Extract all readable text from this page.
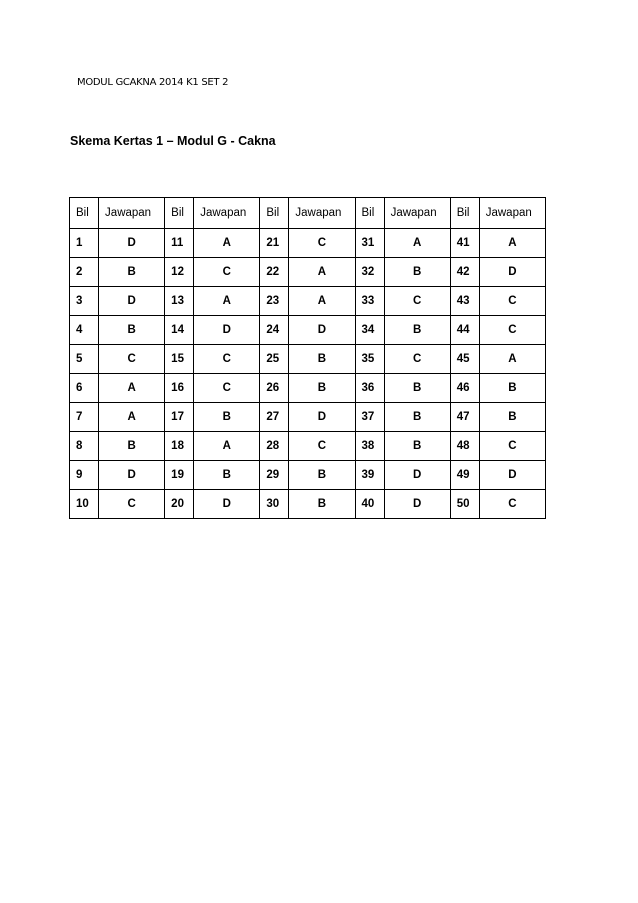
MODUL GCAKNA 2014 K1 SET 2
Skema Kertas 1 – Modul G - Cakna
Bil	Jawapan	Bil	Jawapan	Bil	Jawapan	Bil	Jawapan	Bil	Jawapan
1	D	11	A	21	C	31	A	41	A
2	B	12	C	22	A	32	B	42	D
3	D	13	A	23	A	33	C	43	C
4	B	14	D	24	D	34	B	44	C
5	C	15	C	25	B	35	C	45	A
6	A	16	C	26	B	36	B	46	B
7	A	17	B	27	D	37	B	47	B
8	B	18	A	28	C	38	B	48	C
9	D	19	B	29	B	39	D	49	D
10	C	20	D	30	B	40	D	50	C
